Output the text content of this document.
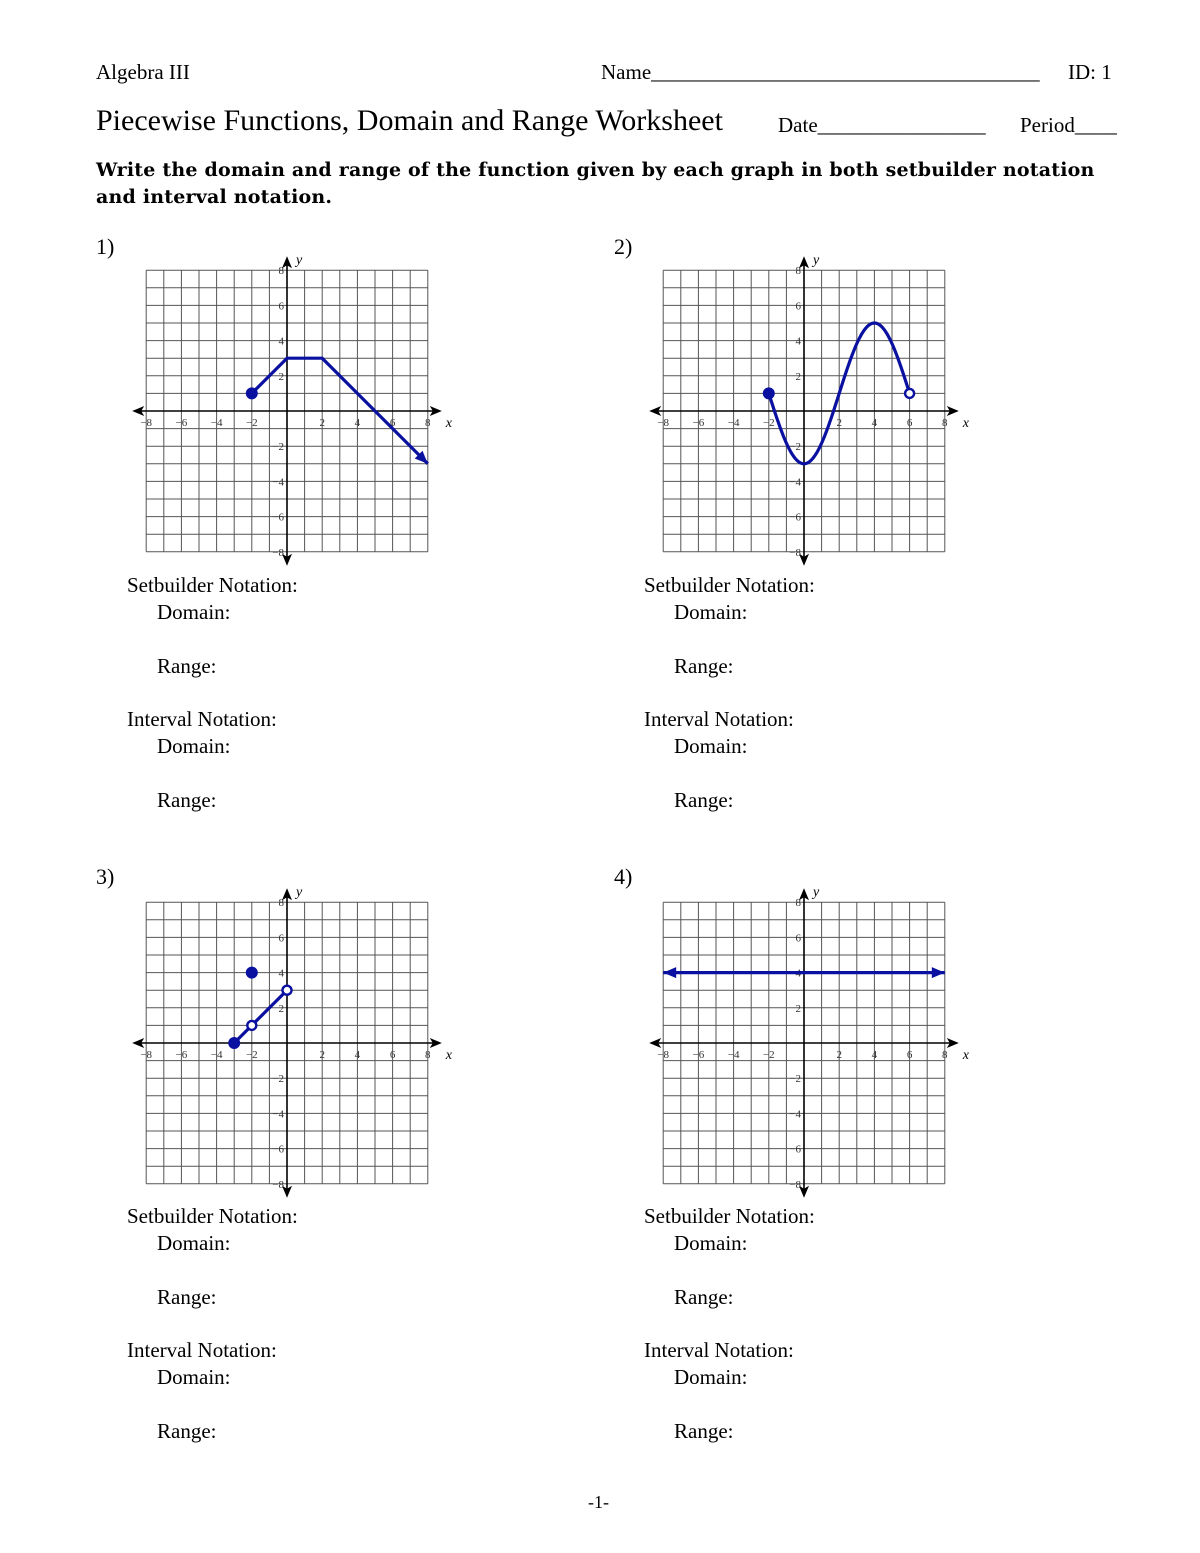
Algebra III	Name_____________________________________ ID: 1
Piecewise Functions, Domain and Range Worksheet	Date________________ Period____
Write the domain and range of the function given by each graph in both setbuilder notation and interval notation.
1)
x
y
−8
−8
−6
−6
−4
−4
−2
−2
2
2
4
4
6
6
8
8
Setbuilder Notation:
Domain:
Range:
Interval Notation:
Domain:
Range:
2)
x
y
−8
−8
−6
−6
−4
−4
−2
−2
2
2
4
4
6
6
8
8
Setbuilder Notation:
Domain:
Range:
Interval Notation:
Domain:
Range:
3)
x
y
−8
−8
−6
−6
−4
−4
−2
−2
2
2
4
4
6
6
8
8
Setbuilder Notation:
Domain:
Range:
Interval Notation:
Domain:
Range:
4)
x
y
−8
−8
−6
−6
−4
−4
−2
−2
2
2
4
4
6
6
8
8
Setbuilder Notation:
Domain:
Range:
Interval Notation:
Domain:
Range:
-1-
